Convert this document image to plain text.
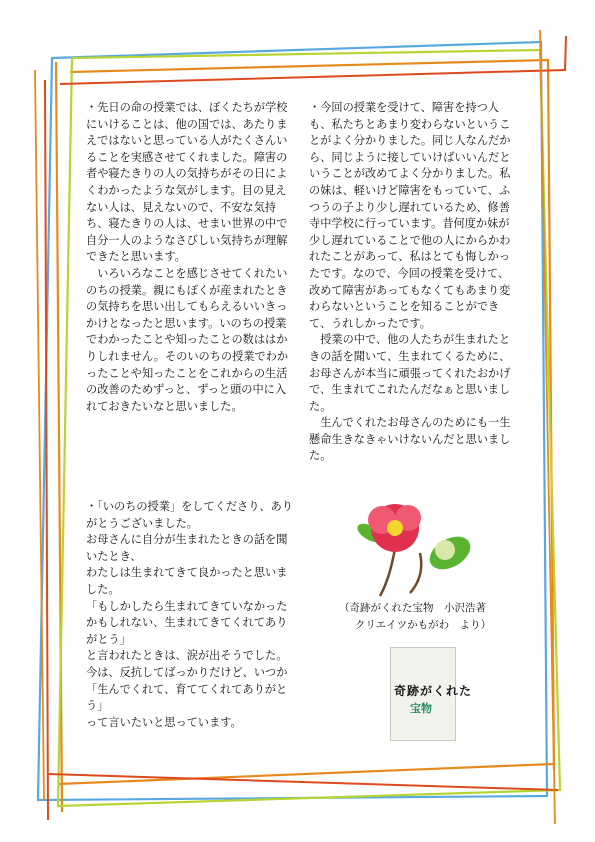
・先日の命の授業では、ぼくたちが学校にいけることは、他の国では、あたりまえではないと思っている人がたくさんいることを実感させてくれました。障害の者や寝たきりの人の気持ちがその日によくわかったような気がします。目の見えない人は、見えないので、不安な気持ち、寝たきりの人は、せまい世界の中で自分一人のようなさびしい気持ちが理解できたと思います。
　いろいろなことを感じさせてくれたいのちの授業。親にもぼくが産まれたときの気持ちを思い出してもらえるいいきっかけとなったと思います。いのちの授業でわかったことや知ったことの数ははかりしれません。そのいのちの授業でわかったことや知ったことをこれからの生活の改善のためずっと、ずっと頭の中に入れておきたいなと思いました。
・「いのちの授業」をしてくださり、ありがとうございました。
お母さんに自分が生まれたときの話を聞いたとき、
わたしは生まれてきて良かったと思いました。
「もしかしたら生まれてきていなかったかもしれない、生まれてきてくれてありがとう」
と言われたときは、涙が出そうでした。今は、反抗してばっかりだけど、いつか
「生んでくれて、育ててくれてありがとう」
って言いたいと思っています。
・今回の授業を受けて、障害を持つ人も、私たちとあまり変わらないということがよく分かりました。同じ人なんだから、同じように接していけばいいんだということが改めてよく分かりました。私の妹は、軽いけど障害をもっていて、ふつうの子より少し遅れているため、修善寺中学校に行っています。昔何度か妹が少し遅れていることで他の人にからかわれたことがあって、私はとても悔しかったです。なので、今回の授業を受けて、改めて障害があってもなくてもあまり変わらないということを知ることができて、うれしかったです。
　授業の中で、他の人たちが生まれたときの話を聞いて、生まれてくるために、お母さんが本当に頑張ってくれたおかげで、生まれてこれたんだなぁと思いました。
　生んでくれたお母さんのためにも一生懸命生きなきゃいけないんだと思いました。
（奇跡がくれた宝物　小沢浩著
　　クリエイツかもがわ　より）
奇跡がくれた
宝物
